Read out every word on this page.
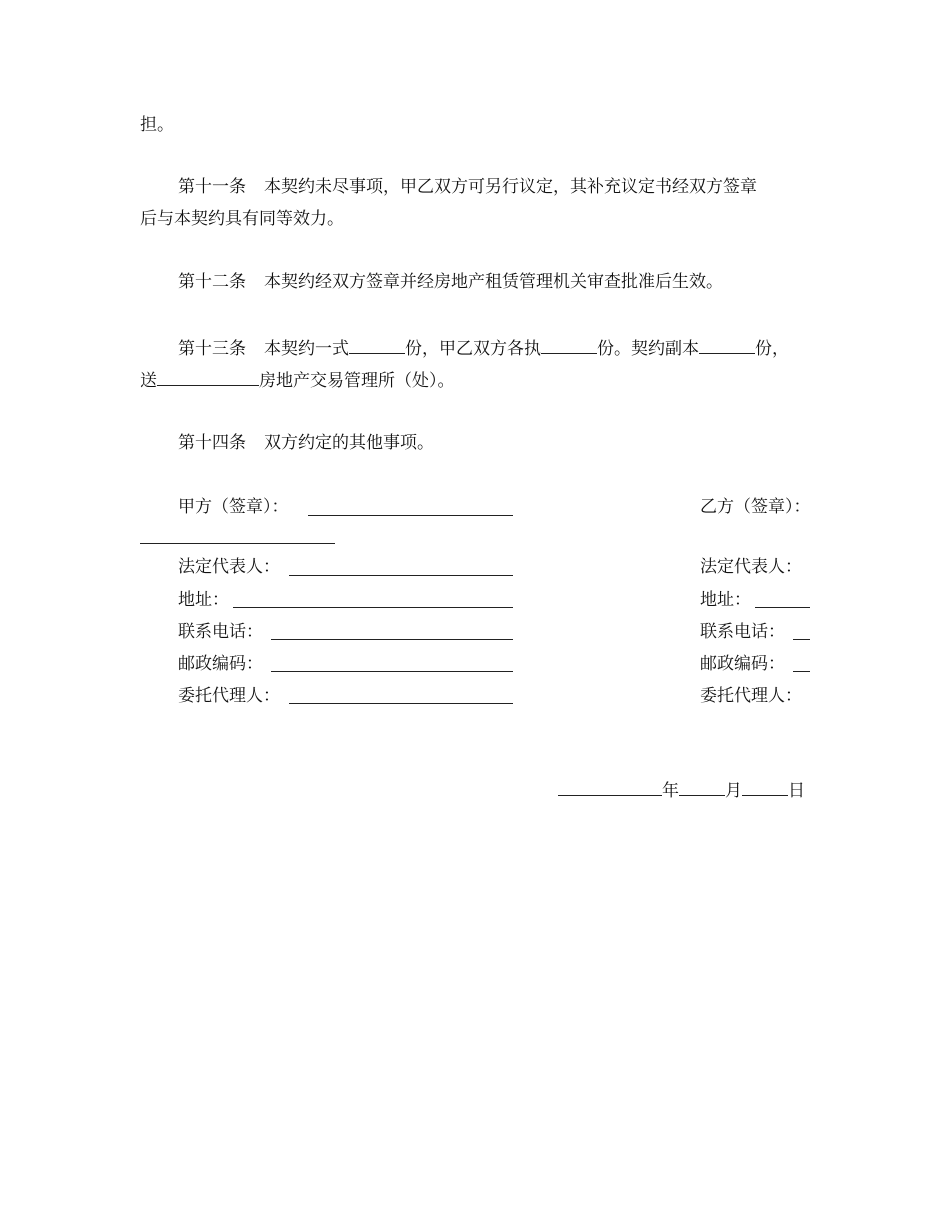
担。
第十一条 本契约未尽事项，甲乙双方可另行议定，其补充议定书经双方签章
后与本契约具有同等效力。
第十二条 本契约经双方签章并经房地产租赁管理机关审查批准后生效。
第十三条 本契约一式	份，甲乙双方各执	份。契约副本	份，
送	房地产交易管理所（处）。
第十四条 双方约定的其他事项。
甲方（签章）：
法定代表人：
地址：
联系电话：
邮政编码：
委托代理人：
乙方（签章）：
法定代表人：
地址：
联系电话：
邮政编码：
委托代理人：
年	月	日
